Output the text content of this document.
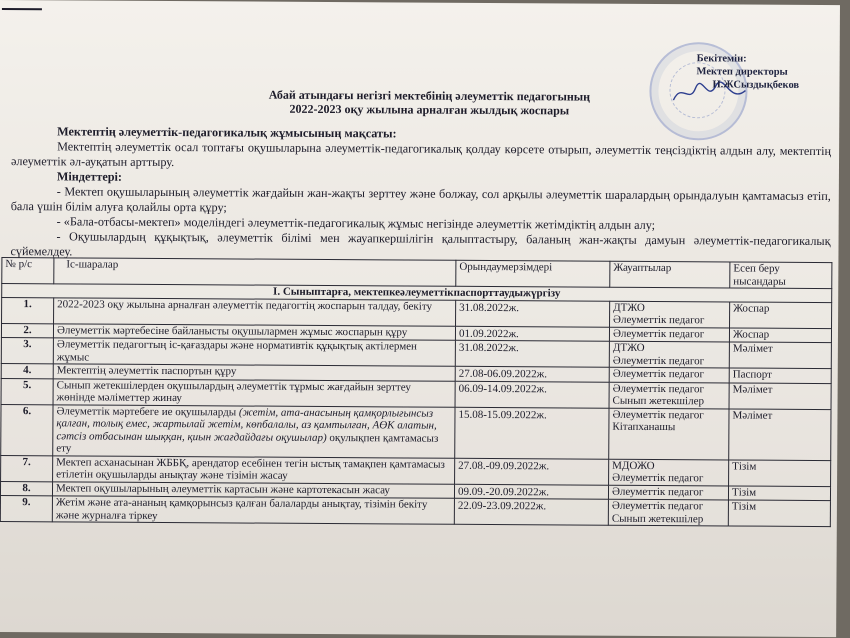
Бекітемін:
Мектеп директоры
Н.ЖСыздықбеков
Абай атындағы негізгі мектебінің әлеуметтік педагогының
2022-2023 оқу жылына арналған жылдық жоспары
Мектептің әлеуметтік-педагогикалық жұмысының мақсаты:
Мектептің әлеуметтік осал топтағы оқушыларына әлеуметтік-педагогикалық қолдау көрсете отырып, әлеуметтік теңсіздіктің алдын алу, мектептің әлеуметтік әл-ауқатын арттыру.
Міндеттері:
- Мектеп оқушыларының әлеуметтік жағдайын жан-жақты зерттеу және болжау, сол арқылы әлеуметтік шаралардың орындалуын қамтамасыз етіп, бала үшін білім алуға қолайлы орта құру;
- «Бала-отбасы-мектеп» моделіндегі әлеуметтік-педагогикалық жұмыс негізінде әлеуметтік жетімдіктің алдын алу;
- Оқушылардың құқықтық, әлеуметтік білімі мен жауапкершілігін қалыптастыру, баланың жан-жақты дамуын әлеуметтік-педагогикалық сүйемелдеу.
№ р/с	Іс-шаралар	Орындаумерзімдері	Жауаптылар	Есеп беру нысандары
I. Сыныптарға, мектепкеәлеуметтікпаспорттаудыжүргізу				
1.	2022-2023 оқу жылына арналған әлеуметтік педагогтің жоспарын талдау, бекіту	31.08.2022ж.	ДТЖО
Әлеуметтік педагог	Жоспар
2.	Әлеуметтік мәртебесіне байланысты оқушылармен жұмыс жоспарын құру	01.09.2022ж.	Әлеуметтік педагог	Жоспар
3.	Әлеуметтік педагогтың іс-қағаздары және нормативтік құқықтық актілермен жұмыс	31.08.2022ж.	ДТЖО
Әлеуметтік педагог	Мәлімет
4.	Мектептің әлеуметтік паспортын құру	27.08-06.09.2022ж.	Әлеуметтік педагог	Паспорт
5.	Сынып жетекшілерден оқушылардың әлеуметтік тұрмыс жағдайын зерттеу жөнінде мәліметтер жинау	06.09-14.09.2022ж.	Әлеуметтік педагог
Сынып жетекшілер	Мәлімет
6.	Әлеуметтік мәртебеге ие оқушыларды (жетім, ата-анасының қамқорлығынсыз қалған, толық емес, жартылай жетім, көпбалалы, аз қамтылған, АӨК алатын, сәтсіз отбасынан шыққан, қиын жағдайдағы оқушылар) оқулықпен қамтамасыз ету	15.08-15.09.2022ж.	Әлеуметтік педагог
Кітапханашы	Мәлімет
7.	Мектеп асханасынан ЖББҚ, арендатор есебінен тегін ыстық тамақпен қамтамасыз етілетін оқушыларды анықтау және тізімін жасау	27.08.-09.09.2022ж.	МДОЖО
Әлеуметтік педагог	Тізім
8.	Мектеп оқушыларының әлеуметтік картасын және картотекасын жасау	09.09.-20.09.2022ж.	Әлеуметтік педагог	Тізім
9.	Жетім және ата-ананың қамқорынсыз қалған балаларды анықтау, тізімін бекіту және журналға тіркеу	22.09-23.09.2022ж.	Әлеуметтік педагог
Сынып жетекшілер	Тізім
